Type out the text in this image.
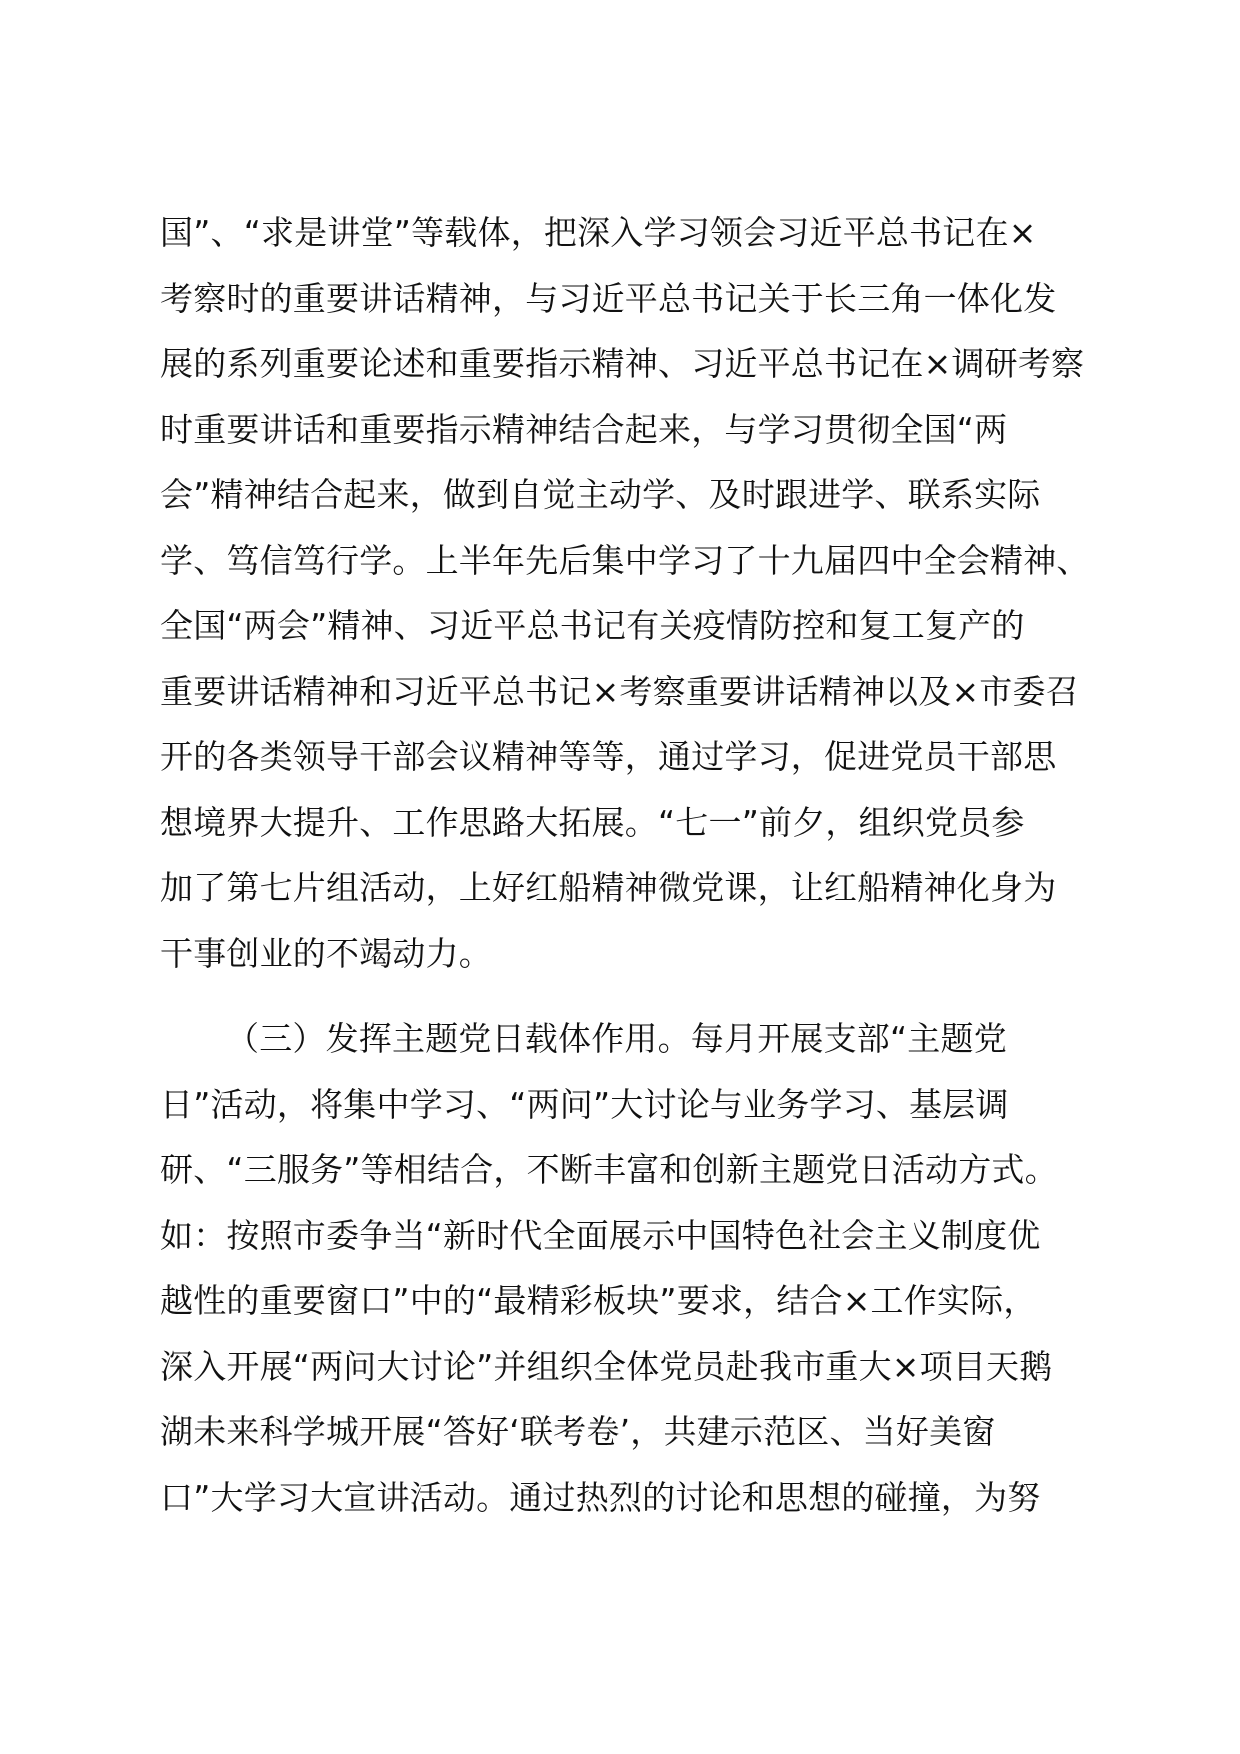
国”、“求是讲堂”等载体，把深入学习领会习近平总书记在×
考察时的重要讲话精神，与习近平总书记关于长三角一体化发
展的系列重要论述和重要指示精神、习近平总书记在×调研考察
时重要讲话和重要指示精神结合起来，与学习贯彻全国“两
会”精神结合起来，做到自觉主动学、及时跟进学、联系实际
学、笃信笃行学。上半年先后集中学习了十九届四中全会精神、
全国“两会”精神、习近平总书记有关疫情防控和复工复产的
重要讲话精神和习近平总书记×考察重要讲话精神以及×市委召
开的各类领导干部会议精神等等，通过学习，促进党员干部思
想境界大提升、工作思路大拓展。“七一”前夕，组织党员参
加了第七片组活动，上好红船精神微党课，让红船精神化身为
干事创业的不竭动力。
（三）发挥主题党日载体作用。每月开展支部“主题党
日”活动，将集中学习、“两问”大讨论与业务学习、基层调
研、“三服务”等相结合，不断丰富和创新主题党日活动方式。
如：按照市委争当“新时代全面展示中国特色社会主义制度优
越性的重要窗口”中的“最精彩板块”要求，结合×工作实际，
深入开展“两问大讨论”并组织全体党员赴我市重大×项目天鹅
湖未来科学城开展“答好‘联考卷’，共建示范区、当好美窗
口”大学习大宣讲活动。通过热烈的讨论和思想的碰撞，为努
